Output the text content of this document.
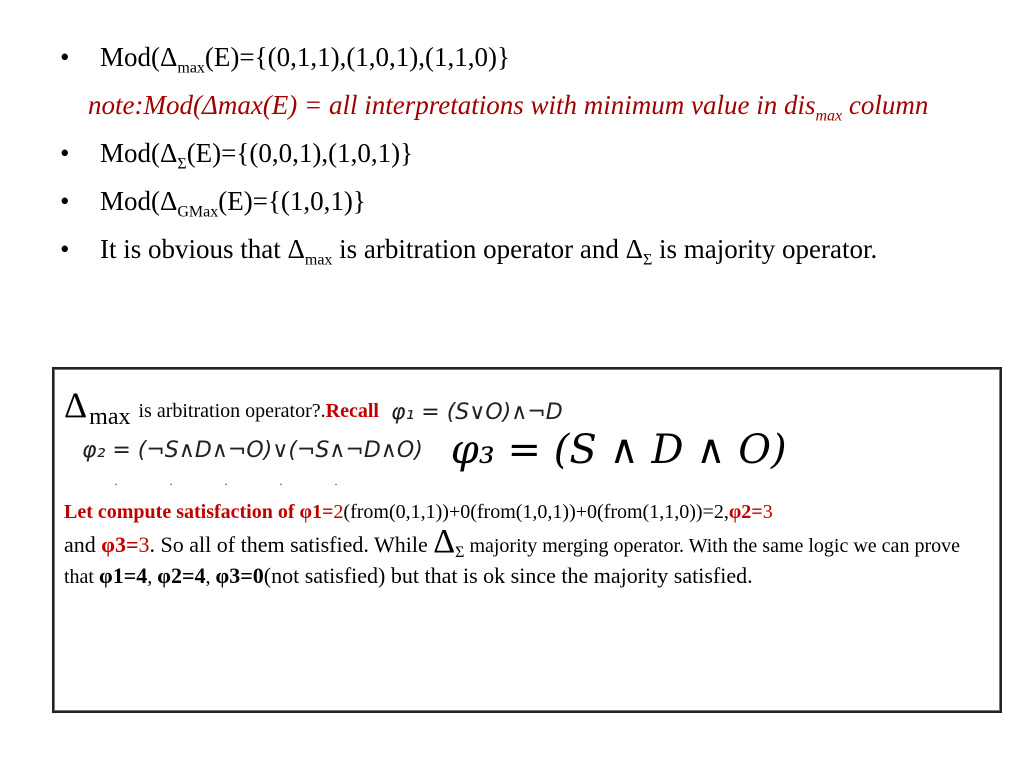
• $Mod(\Delta_{max}(E)=\{(0,1,1),(1,0,1),(1,1,0)\}$
note:Mod(Δmax(E) = all interpretations with minimum value in dis$_{max}$ column
• $Mod(\Delta_\Sigma(E)=\{(0,0,1),(1,0,1)\}$
• $Mod(\Delta_{GMax}(E)=\{(1,0,1)\}$
• It is obvious that $\Delta_{max}$ is arbitration operator and $\Delta_\Sigma$ is majority operator.
Δ max is arbitration operator?. Recall φ₁ = (S∨O)∧¬D
φ₂ = (¬S∧D∧¬O)∨(¬S∧¬D∧O) φ₃ = (S ∧ D ∧ O)
· · · · ·
Let compute satisfaction of φ1=2(from(0,1,1))+0(from(1,0,1))+0(from(1,1,0))=2,φ2=3
and φ3=3. So all of them satisfied. While $\Delta_\Sigma$ majority merging operator. With the same logic we can prove that φ1=4, φ2=4, φ3=0(not satisfied) but that is ok since the majority satisfied.
